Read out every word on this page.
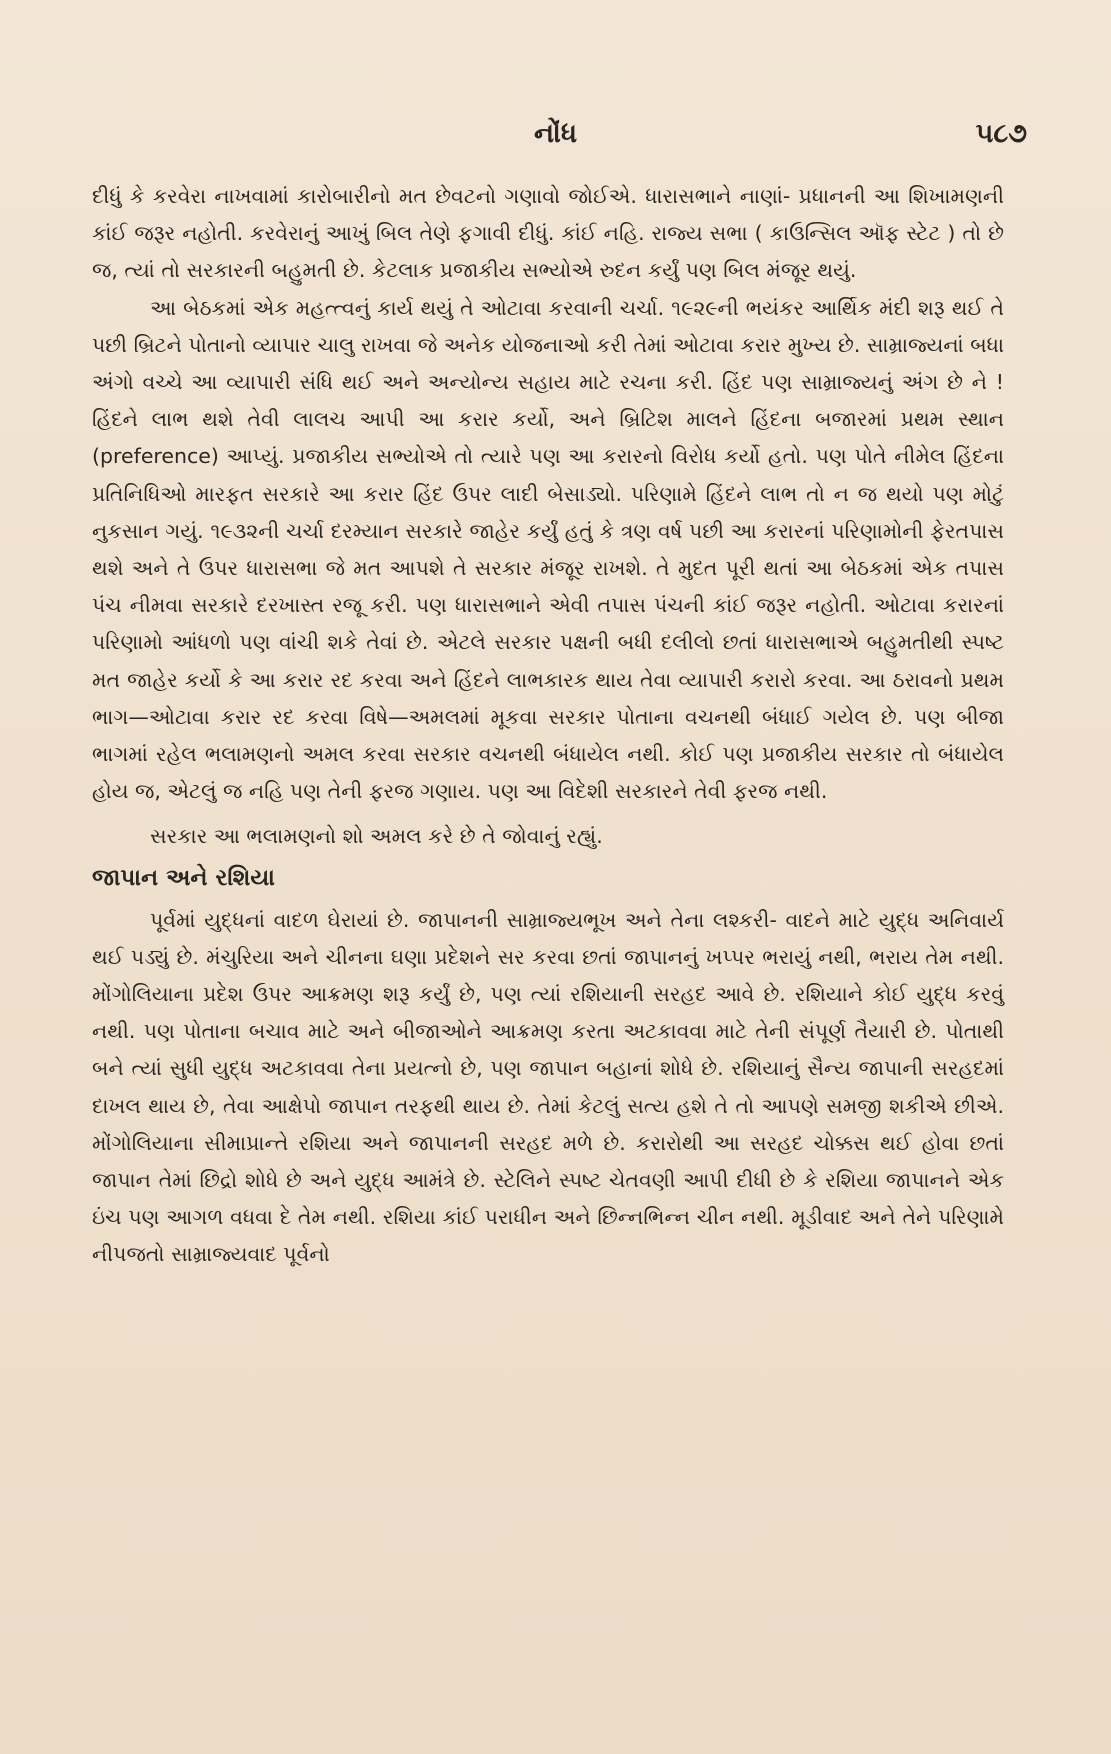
નોંધ	૫૮૭

દીધું કે કરવેરા નાખવામાં કારોબારીનો મત છેવટનો ગણાવો જોઈએ. ધારાસભાને નાણાં- પ્રધાનની આ શિખામણની કાંઈ જરૂર નહોતી. કરવેરાનું આખું બિલ તેણે ફગાવી દીધું. કાંઈ નહિ. રાજ્ય સભા ( કાઉન્સિલ ઑફ સ્ટેટ ) તો છે જ, ત્યાં તો સરકારની બહુમતી છે. કેટલાક પ્રજાકીય સભ્યોએ રુદન કર્યું પણ બિલ મંજૂર થયું.

આ બેઠકમાં એક મહત્ત્વનું કાર્ય થયું તે ઓટાવા કરવાની ચર્ચા. ૧૯૨૯ની ભયંકર આર્થિક મંદી શરૂ થઈ તે પછી બ્રિટને પોતાનો વ્યાપાર ચાલુ રાખવા જે અનેક યોજનાઓ કરી તેમાં ઓટાવા કરાર મુખ્ય છે. સામ્રાજ્યનાં બધા અંગો વચ્ચે આ વ્યાપારી સંધિ થઈ અને અન્યોન્ય સહાય માટે રચના કરી. હિંદ પણ સામ્રાજ્યનું અંગ છે ને ! હિંદને લાભ થશે તેવી લાલચ આપી આ કરાર કર્યો, અને બ્રિટિશ માલને હિંદના બજારમાં પ્રથમ સ્થાન (preference) આપ્યું. પ્રજાકીય સભ્યોએ તો ત્યારે પણ આ કરારનો વિરોધ કર્યો હતો. પણ પોતે નીમેલ હિંદના પ્રતિનિધિઓ મારફત સરકારે આ કરાર હિંદ ઉપર લાદી બેસાડ્યો. પરિણામે હિંદને લાભ તો ન જ થયો પણ મોટું નુકસાન ગયું. ૧૯૩૨ની ચર્ચા દરમ્યાન સરકારે જાહેર કર્યું હતું કે ત્રણ વર્ષ પછી આ કરારનાં પરિણામોની ફેરતપાસ થશે અને તે ઉપર ધારાસભા જે મત આપશે તે સરકાર મંજૂર રાખશે. તે મુદત પૂરી થતાં આ બેઠકમાં એક તપાસ પંચ નીમવા સરકારે દરખાસ્ત રજૂ કરી. પણ ધારાસભાને એવી તપાસ પંચની કાંઈ જરૂર નહોતી. ઓટાવા કરારનાં પરિણામો આંધળો પણ વાંચી શકે તેવાં છે. એટલે સરકાર પક્ષની બધી દલીલો છતાં ધારાસભાએ બહુમતીથી સ્પષ્ટ મત જાહેર કર્યો કે આ કરાર રદ કરવા અને હિંદને લાભકારક થાય તેવા વ્યાપારી કરારો કરવા. આ ઠરાવનો પ્રથમ ભાગ—ઓટાવા કરાર રદ કરવા વિષે—અમલમાં મૂકવા સરકાર પોતાના વચનથી બંધાઈ ગયેલ છે. પણ બીજા ભાગમાં રહેલ ભલામણનો અમલ કરવા સરકાર વચનથી બંધાયેલ નથી. કોઈ પણ પ્રજાકીય સરકાર તો બંધાયેલ હોય જ, એટલું જ નહિ પણ તેની ફરજ ગણાય. પણ આ વિદેશી સરકારને તેવી ફરજ નથી.

સરકાર આ ભલામણનો શો અમલ કરે છે તે જોવાનું રહ્યું.

જાપાન અને રશિયા

પૂર્વમાં યુદ્ધનાં વાદળ ઘેરાયાં છે. જાપાનની સામ્રાજ્યભૂખ અને તેના લશ્કરી- વાદને માટે યુદ્ધ અનિવાર્ય થઈ પડ્યું છે. મંચુરિયા અને ચીનના ઘણા પ્રદેશને સર કરવા છતાં જાપાનનું ખપ્પર ભરાયું નથી, ભરાય તેમ નથી. મોંગોલિયાના પ્રદેશ ઉપર આક્રમણ શરૂ કર્યું છે, પણ ત્યાં રશિયાની સરહદ આવે છે. રશિયાને કોઈ યુદ્ધ કરવું નથી. પણ પોતાના બચાવ માટે અને બીજાઓને આક્રમણ કરતા અટકાવવા માટે તેની સંપૂર્ણ તૈયારી છે. પોતાથી બને ત્યાં સુધી યુદ્ધ અટકાવવા તેના પ્રયત્નો છે, પણ જાપાન બહાનાં શોધે છે. રશિયાનું સૈન્ય જાપાની સરહદમાં દાખલ થાય છે, તેવા આક્ષેપો જાપાન તરફથી થાય છે. તેમાં કેટલું સત્ય હશે તે તો આપણે સમજી શકીએ છીએ. મોંગોલિયાના સીમાપ્રાન્તે રશિયા અને જાપાનની સરહદ મળે છે. કરારોથી આ સરહદ ચોક્કસ થઈ હોવા છતાં જાપાન તેમાં છિદ્રો શોધે છે અને યુદ્ધ આમંત્રે છે. સ્ટેલિને સ્પષ્ટ ચેતવણી આપી દીધી છે કે રશિયા જાપાનને એક ઇંચ પણ આગળ વધવા દે તેમ નથી. રશિયા કાંઈ પરાધીન અને છિન્નભિન્ન ચીન નથી. મૂડીવાદ અને તેને પરિણામે નીપજતો સામ્રાજ્યવાદ પૂર્વનો
